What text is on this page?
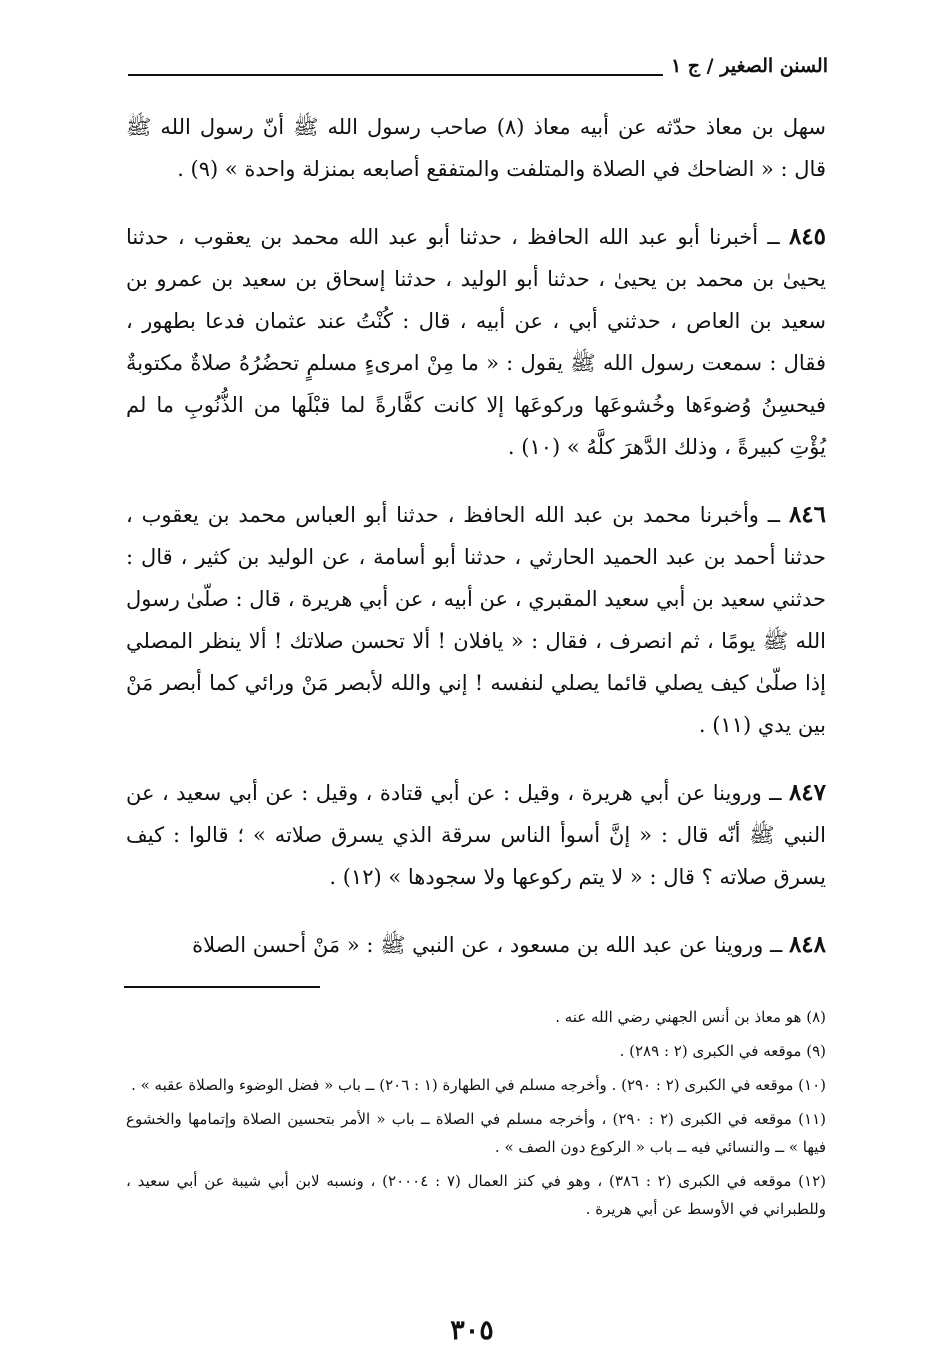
السنن الصغير / ج ١

سهل بن معاذ حدّثه عن أبيه معاذ (٨) صاحب رسول الله ﷺ أنّ رسول الله ﷺ قال : « الضاحك في الصلاة والمتلفت والمتفقع أصابعه بمنزلة واحدة » (٩) .

٨٤٥ ــ أخبرنا أبو عبد الله الحافظ ، حدثنا أبو عبد الله محمد بن يعقوب ، حدثنا يحيىٰ بن محمد بن يحيىٰ ، حدثنا أبو الوليد ، حدثنا إسحاق بن سعيد بن عمرو بن سعيد بن العاص ، حدثني أبي ، عن أبيه ، قال : كُنْتُ عند عثمان فدعا بطهور ، فقال : سمعت رسول الله ﷺ يقول : « ما مِنْ امرىءٍ مسلمٍ تحضُرُهُ صلاةٌ مكتوبةٌ فيحسِنُ وُضوءَها وخُشوعَها وركوعَها إلا كانت كفَّارةً لما قبْلَها من الذُّنُوبِ ما لم يُؤْتِ كبيرةً ، وذلك الدَّهرَ كلَّهُ » (١٠) .

٨٤٦ ــ وأخبرنا محمد بن عبد الله الحافظ ، حدثنا أبو العباس محمد بن يعقوب ، حدثنا أحمد بن عبد الحميد الحارثي ، حدثنا أبو أسامة ، عن الوليد بن كثير ، قال : حدثني سعيد بن أبي سعيد المقبري ، عن أبيه ، عن أبي هريرة ، قال : صلّىٰ رسول الله ﷺ يومًا ، ثم انصرف ، فقال : « يافلان ! ألا تحسن صلاتك ! ألا ينظر المصلي إذا صلّىٰ كيف يصلي قائما يصلي لنفسه ! إني والله لأبصر مَنْ ورائي كما أبصر مَنْ بين يدي (١١) .

٨٤٧ ــ وروينا عن أبي هريرة ، وقيل : عن أبي قتادة ، وقيل : عن أبي سعيد ، عن النبي ﷺ أنّه قال : « إنَّ أسوأ الناس سرقة الذي يسرق صلاته » ؛ قالوا : كيف يسرق صلاته ؟ قال : « لا يتم ركوعها ولا سجودها » (١٢) .

٨٤٨ ــ وروينا عن عبد الله بن مسعود ، عن النبي ﷺ : « مَنْ أحسن الصلاة

(٨) هو معاذ بن أنس الجهني رضي الله عنه .

(٩) موقعه في الكبرى (٢ : ٢٨٩) .

(١٠) موقعه في الكبرى (٢ : ٢٩٠) . وأخرجه مسلم في الطهارة (١ : ٢٠٦) ــ باب « فضل الوضوء والصلاة عقبه » .

(١١) موقعه في الكبرى (٢ : ٢٩٠) ، وأخرجه مسلم في الصلاة ــ باب « الأمر بتحسين الصلاة وإتمامها والخشوع فيها » ــ والنسائي فيه ــ باب « الركوع دون الصف » .

(١٢) موقعه في الكبرى (٢ : ٣٨٦) ، وهو في كنز العمال (٧ : ٢٠٠٠٤) ، ونسبه لابن أبي شيبة عن أبي سعيد ، وللطبراني في الأوسط عن أبي هريرة .

٣٠٥
